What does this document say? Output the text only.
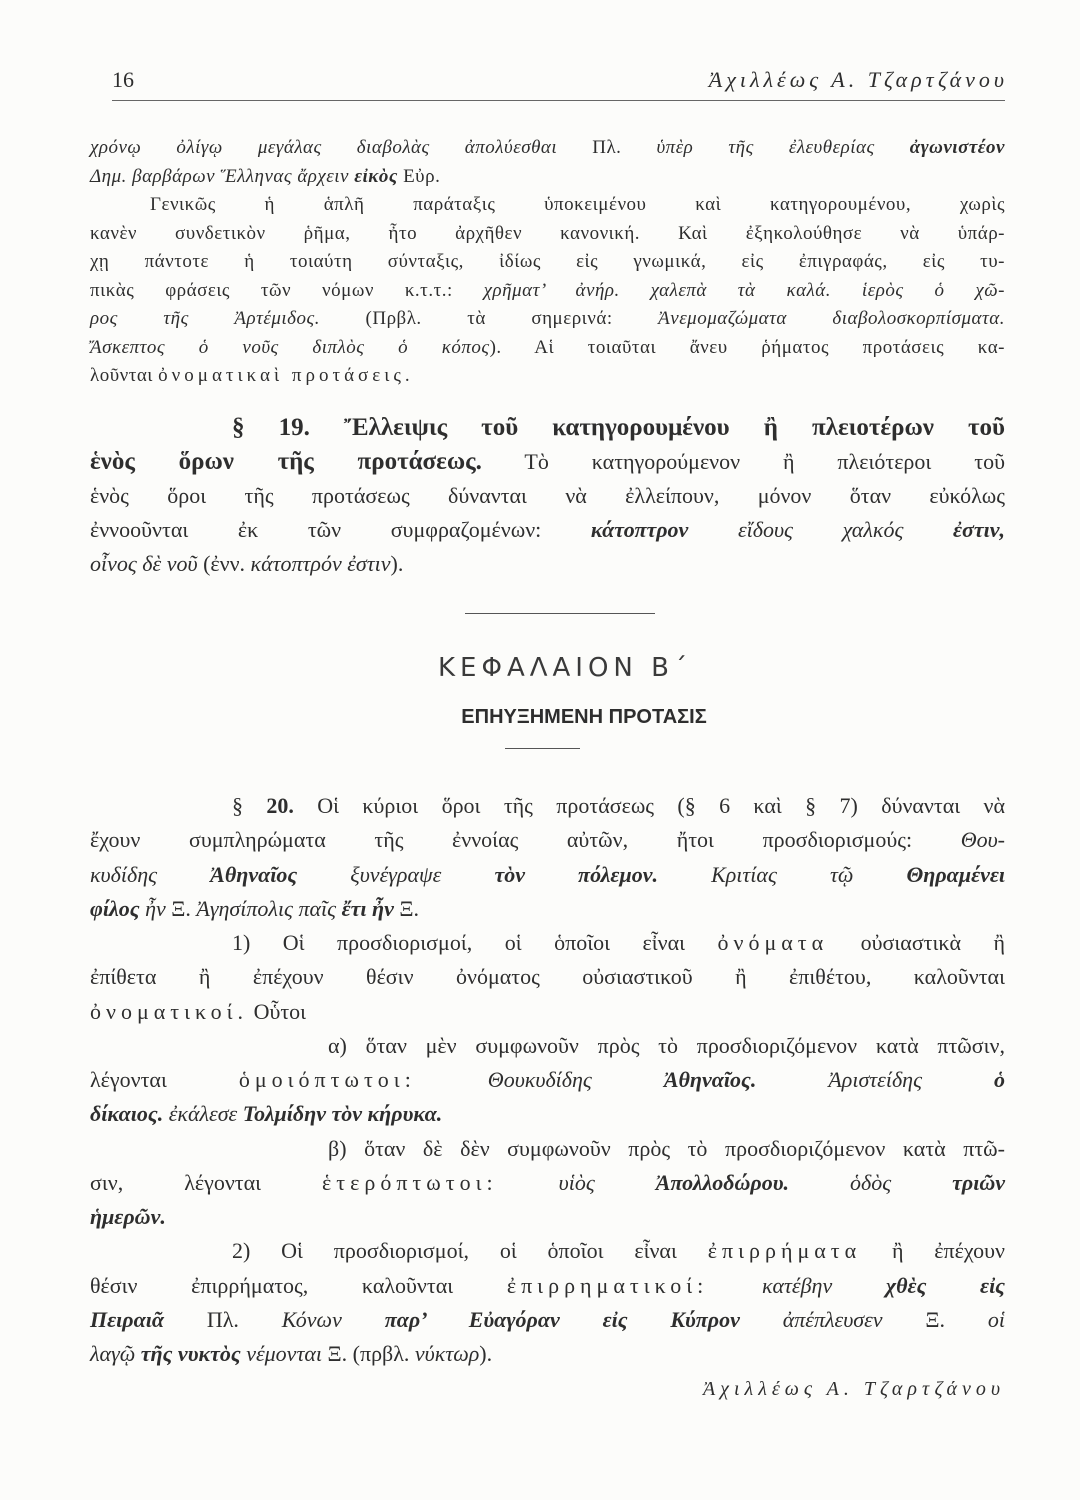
16	Ἀχιλλέως Α. Τζαρτζάνου
χρόνῳ ὀλίγῳ μεγάλας διαβολὰς ἀπολύεσθαι Πλ. ὑπὲρ τῆς ἐλευθερίας ἀγωνιστέον
Δημ. βαρβάρων Ἕλληνας ἄρχειν εἰκὸς Εὐρ.
Γενικῶς ἡ ἁπλῆ παράταξις ὑποκειμένου καὶ κατηγορουμένου, χωρὶς
κανὲν συνδετικὸν ῥῆμα, ἦτο ἀρχῆθεν κανονική. Καὶ ἐξηκολούθησε νὰ ὑπάρ-
χῃ πάντοτε ἡ τοιαύτη σύνταξις, ἰδίως εἰς γνωμικά, εἰς ἐπιγραφάς, εἰς τυ-
πικὰς φράσεις τῶν νόμων κ.τ.τ.: χρῆματ’ ἀνήρ. χαλεπὰ τὰ καλά. ἱερὸς ὁ χῶ-
ρος τῆς Ἀρτέμιδος. (Πρβλ. τὰ σημερινά: Ἀνεμομαζώματα διαβολοσκορπίσματα.
Ἄσκεπτος ὁ νοῦς διπλὸς ὁ κόπος). Αἱ τοιαῦται ἄνευ ῥήματος προτάσεις κα-
λοῦνται ὀνοματικαὶ προτάσεις.
§ 19. Ἔλλειψις τοῦ κατηγορουμένου ἢ πλειοτέρων τοῦ
ἑνὸς ὅρων τῆς προτάσεως. Τὸ κατηγορούμενον ἢ πλειότεροι τοῦ
ἑνὸς ὅροι τῆς προτάσεως δύνανται νὰ ἐλλείπουν, μόνον ὅταν εὐκόλως
ἐννοοῦνται ἐκ τῶν συμφραζομένων: κάτοπτρον εἴδους χαλκός ἐστιν,
οἶνος δὲ νοῦ (ἐνν. κάτοπτρόν ἐστιν).
ΚΕΦΑΛΑΙΟΝ Β΄
ΕΠΗΥΞΗΜΕΝΗ ΠΡΟΤΑΣΙΣ
§ 20. Οἱ κύριοι ὅροι τῆς προτάσεως (§ 6 καὶ § 7) δύνανται νὰ
ἔχουν συμπληρώματα τῆς ἐννοίας αὐτῶν, ἤτοι προσδιορισμούς: Θου-
κυδίδης Ἀθηναῖος ξυνέγραψε τὸν πόλεμον. Κριτίας τῷ Θηραμένει
φίλος ἦν Ξ. Ἀγησίπολις παῖς ἔτι ἦν Ξ.
1) Οἱ προσδιορισμοί, οἱ ὁποῖοι εἶναι ὀνόματα οὐσιαστικὰ ἢ
ἐπίθετα ἢ ἐπέχουν θέσιν ὀνόματος οὐσιαστικοῦ ἢ ἐπιθέτου, καλοῦνται
ὀνοματικοί. Οὗτοι
α) ὅταν μὲν συμφωνοῦν πρὸς τὸ προσδιοριζόμενον κατὰ πτῶσιν,
λέγονται ὁμοιόπτωτοι: Θουκυδίδης Ἀθηναῖος. Ἀριστείδης ὁ
δίκαιος. ἐκάλεσε Τολμίδην τὸν κήρυκα.
β) ὅταν δὲ δὲν συμφωνοῦν πρὸς τὸ προσδιοριζόμενον κατὰ πτῶ-
σιν, λέγονται ἑτερόπτωτοι: υἱὸς Ἀπολλοδώρου. ὁδὸς τριῶν
ἡμερῶν.
2) Οἱ προσδιορισμοί, οἱ ὁποῖοι εἶναι ἐπιρρήματα ἢ ἐπέχουν
θέσιν ἐπιρρήματος, καλοῦνται ἐπιρρηματικοί: κατέβην χθὲς εἰς
Πειραιᾶ Πλ. Κόνων παρ’ Εὐαγόραν εἰς Κύπρον ἀπέπλευσεν Ξ. οἱ
λαγῷ τῆς νυκτὸς νέμονται Ξ. (πρβλ. νύκτωρ).
Ἀχιλλέως Α. Τζαρτζάνου
